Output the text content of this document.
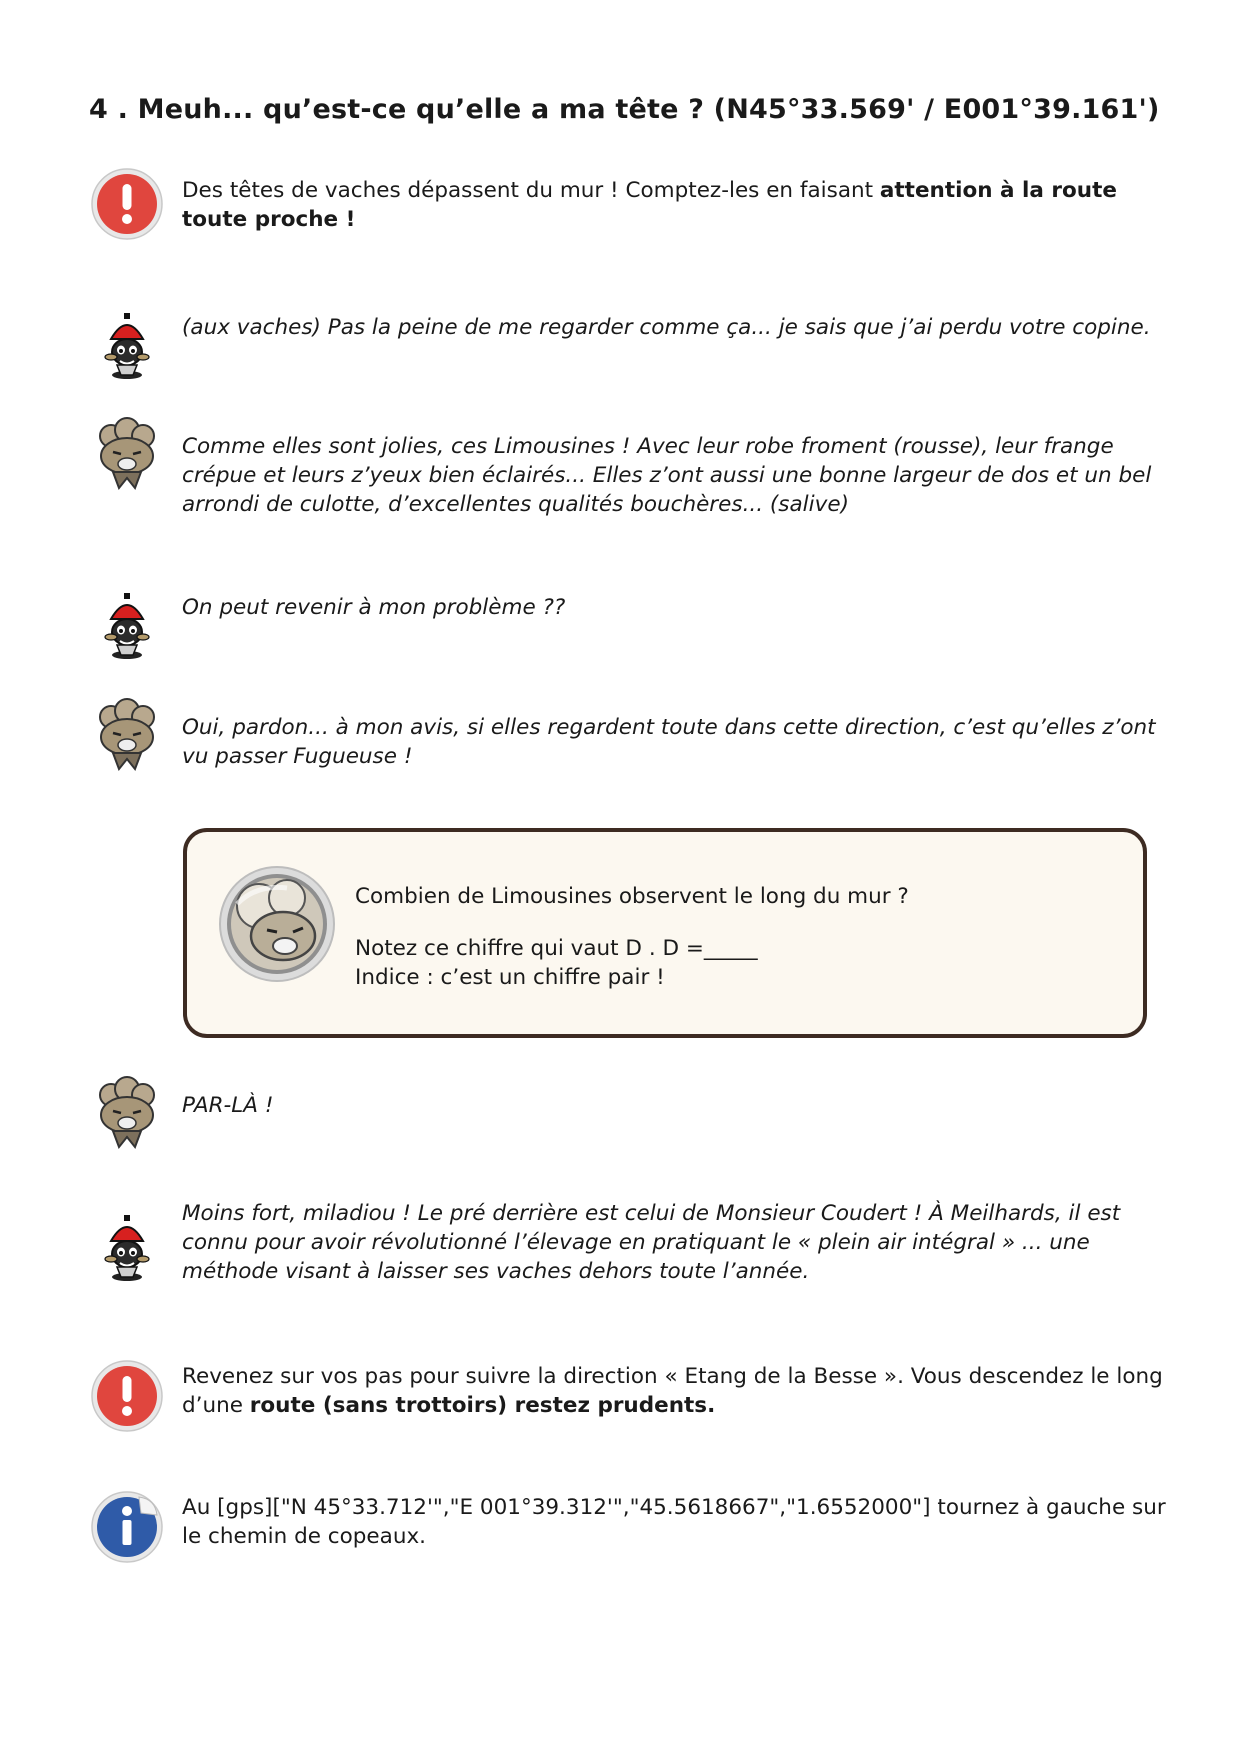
4 . Meuh... qu’est-ce qu’elle a ma tête ? (N45°33.569' / E001°39.161')

Des têtes de vaches dépassent du mur ! Comptez-les en faisant attention à la route toute proche !

(aux vaches) Pas la peine de me regarder comme ça... je sais que j’ai perdu votre copine.

Comme elles sont jolies, ces Limousines ! Avec leur robe froment (rousse), leur frange crépue et leurs z’yeux bien éclairés... Elles z’ont aussi une bonne largeur de dos et un bel arrondi de culotte, d’excellentes qualités bouchères... (salive)

On peut revenir à mon problème ??

Oui, pardon... à mon avis, si elles regardent toute dans cette direction, c’est qu’elles z’ont vu passer Fugueuse !

Combien de Limousines observent le long du mur ?

Notez ce chiffre qui vaut D . D =_____

Indice : c’est un chiffre pair !

PAR-LÀ !

Moins fort, miladiou ! Le pré derrière est celui de Monsieur Coudert ! À Meilhards, il est connu pour avoir révolutionné l’élevage en pratiquant le « plein air intégral » ... une méthode visant à laisser ses vaches dehors toute l’année.

Revenez sur vos pas pour suivre la direction « Etang de la Besse ». Vous descendez le long d’une route (sans trottoirs) restez prudents.

Au [gps]["N 45°33.712'","E 001°39.312'","45.5618667","1.6552000"] tournez à gauche sur le chemin de copeaux.
